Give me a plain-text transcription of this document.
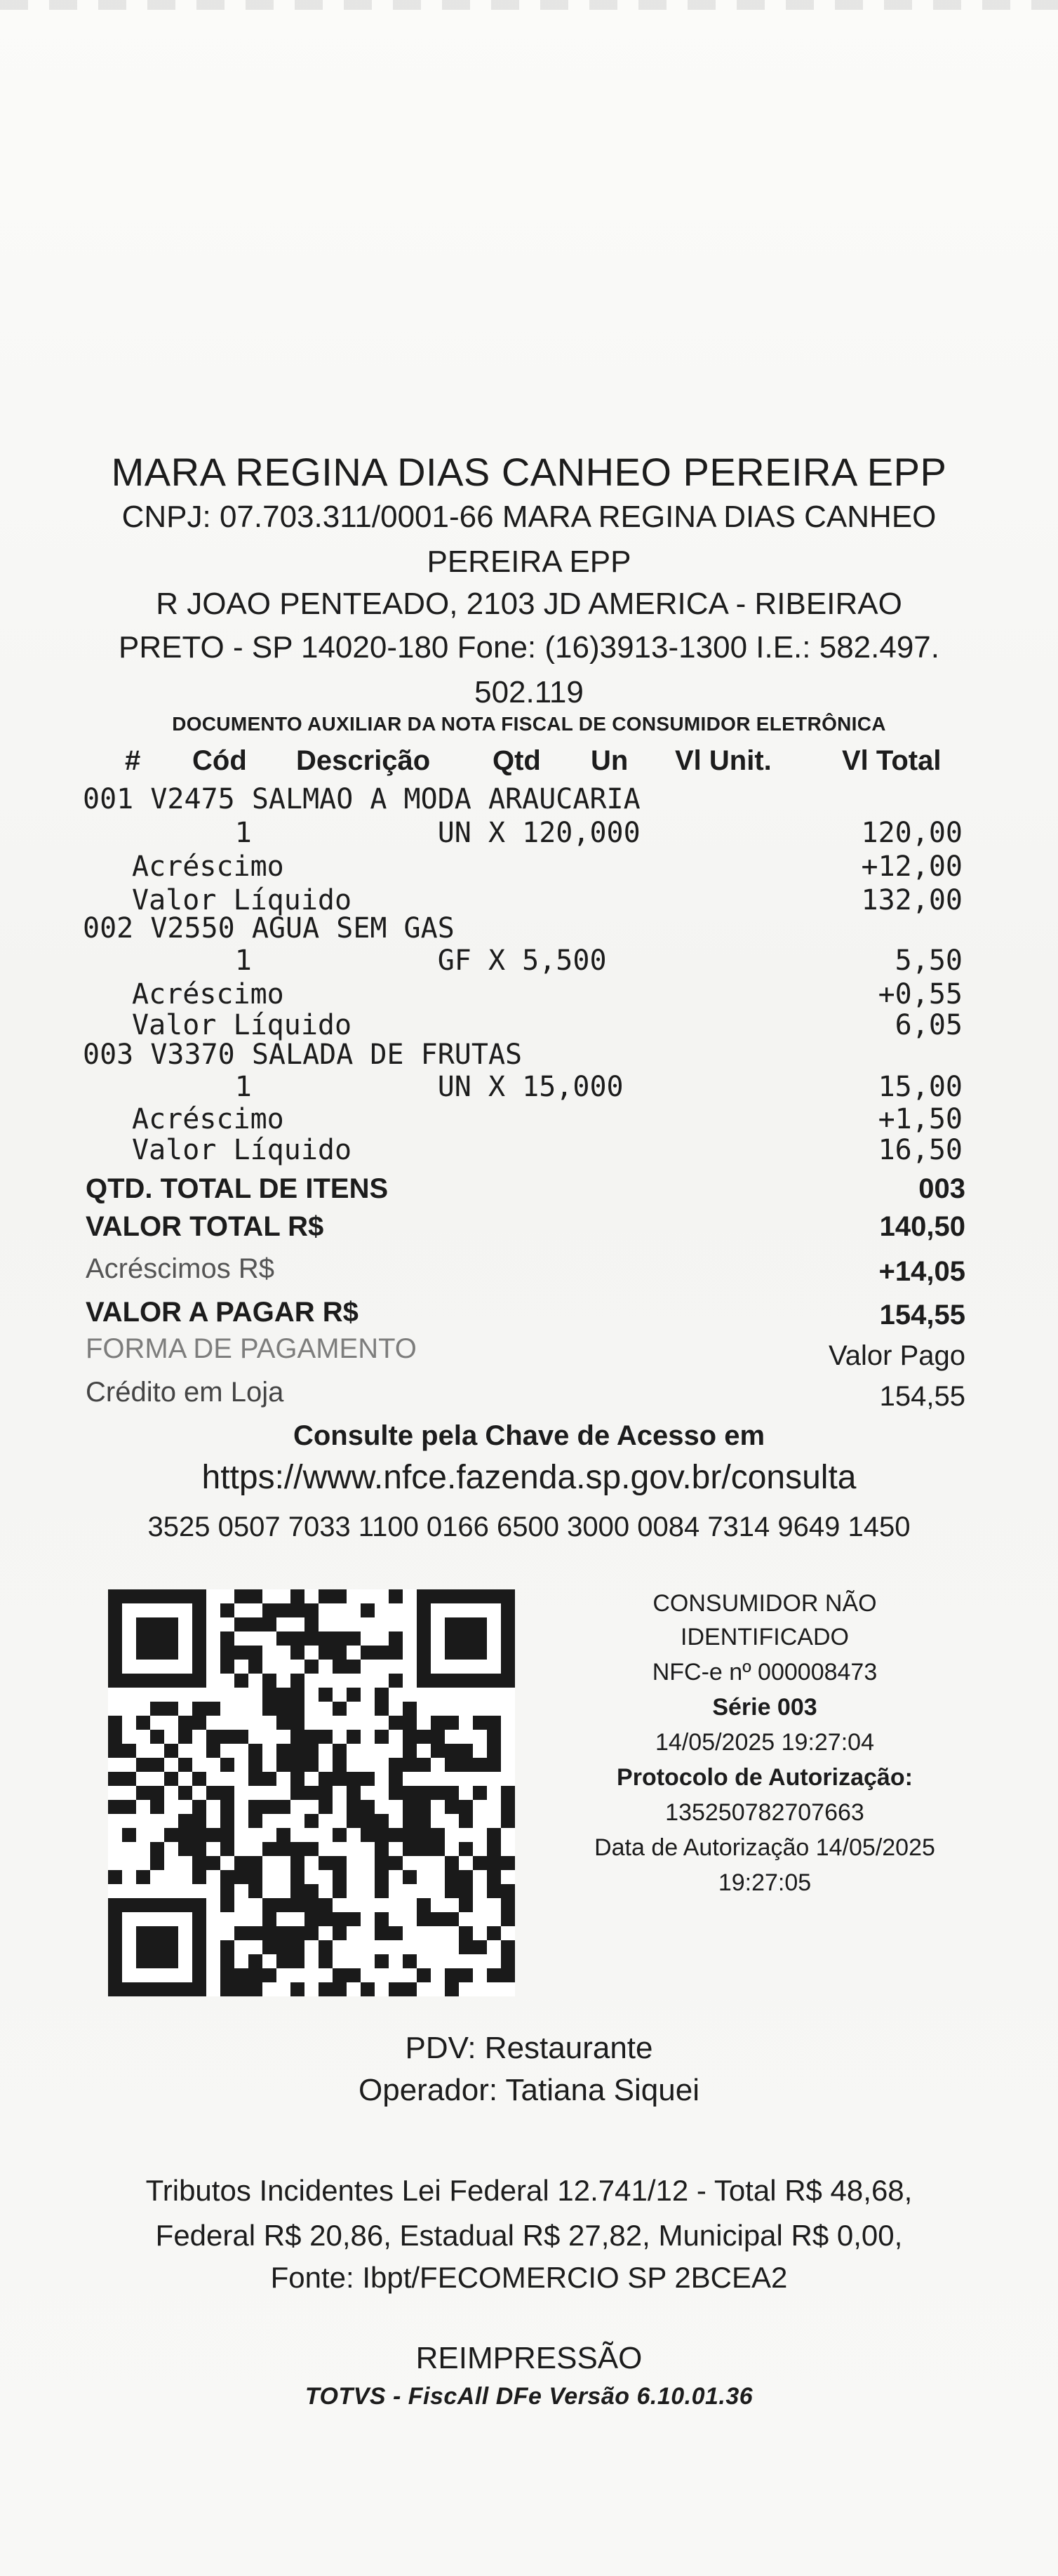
MARA REGINA DIAS CANHEO PEREIRA EPP
CNPJ: 07.703.311/0001-66 MARA REGINA DIAS CANHEO
PEREIRA EPP
R JOAO PENTEADO, 2103 JD AMERICA - RIBEIRAO
PRETO - SP 14020-180 Fone: (16)3913-1300 I.E.: 582.497.
502.119
DOCUMENTO AUXILIAR DA NOTA FISCAL DE CONSUMIDOR ELETRÔNICA
# Cód Descrição Qtd Un Vl Unit.	Vl Total
001 V2475 SALMAO A MODA ARAUCARIA
1           UN X 120,000	120,00
Acréscimo	+12,00
Valor Líquido	132,00
002 V2550 AGUA SEM GAS
1           GF X 5,500	5,50
Acréscimo	+0,55
Valor Líquido	6,05
003 V3370 SALADA DE FRUTAS
1           UN X 15,000	15,00
Acréscimo	+1,50
Valor Líquido	16,50
QTD. TOTAL DE ITENS	003
VALOR TOTAL R$	140,50
Acréscimos R$	+14,05
VALOR A PAGAR R$	154,55
FORMA DE PAGAMENTO	Valor Pago
Crédito em Loja	154,55
Consulte pela Chave de Acesso em
https://www.nfce.fazenda.sp.gov.br/consulta
3525 0507 7033 1100 0166 6500 3000 0084 7314 9649 1450
CONSUMIDOR NÃO
IDENTIFICADO
NFC-e nº 000008473
Série 003
14/05/2025 19:27:04
Protocolo de Autorização:
135250782707663
Data de Autorização 14/05/2025
19:27:05
PDV: Restaurante
Operador: Tatiana Siquei
Tributos Incidentes Lei Federal 12.741/12 - Total R$ 48,68,
Federal R$ 20,86, Estadual R$ 27,82, Municipal R$ 0,00,
Fonte: Ibpt/FECOMERCIO SP 2BCEA2
REIMPRESSÃO
TOTVS - FiscAll DFe Versão 6.10.01.36
